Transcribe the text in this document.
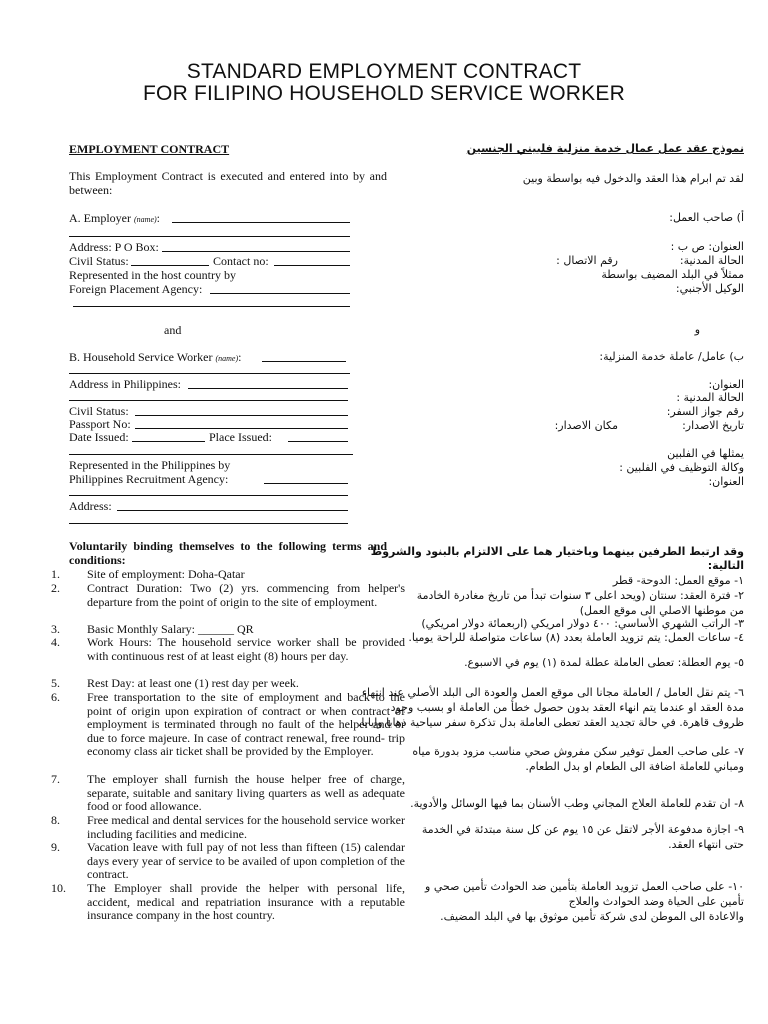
STANDARD EMPLOYMENT CONTRACT
FOR FILIPINO HOUSEHOLD SERVICE WORKER
EMPLOYMENT CONTRACT
This Employment Contract is executed and entered into by and between:
A. Employer (name):
Address: P O Box:
Civil Status:	Contact no:
Represented in the host country by
Foreign Placement Agency:
and
B. Household Service Worker (name):
Address in Philippines:
Civil Status:
Passport No:
Date Issued:	Place Issued:
Represented in the Philippines by
Philippines Recruitment Agency:
Address:
Voluntarily binding themselves to the following terms and conditions:
1. Site of employment: Doha-Qatar
2. Contract Duration: Two (2) yrs. commencing from helper's departure from the point of origin to the site of employment.
3. Basic Monthly Salary: ______ QR
4. Work Hours: The household service worker shall be provided with continuous rest of at least eight (8) hours per day.
5. Rest Day: at least one (1) rest day per week.
6. Free transportation to the site of employment and back to the point of origin upon expiration of contract or when contract of employment is terminated through no fault of the helper and or due to force majeure. In case of contract renewal, free round- trip economy class air ticket shall be provided by the Employer.
7. The employer shall furnish the house helper free of charge, separate, suitable and sanitary living quarters as well as adequate food or food allowance.
8. Free medical and dental services for the household service worker including facilities and medicine.
9. Vacation leave with full pay of not less than fifteen (15) calendar days every year of service to be availed of upon completion of the contract.
10. The Employer shall provide the helper with personal life, accident, medical and repatriation insurance with a reputable insurance company in the host country.
نموذج عقد عمل عمال خدمة منزلية فلبيني الجنسين
لقد تم ابرام هذا العقد والدخول فيه بواسطة وبين
أ) صاحب العمل:
العنوان: ص ب :
الحالة المدنية:
رقم الاتصال :
ممثلاً في البلد المضيف بواسطة
الوكيل الأجنبي:
و
ب) عامل/ عاملة خدمة المنزلية:
العنوان:
الحالة المدنية :
رقم جواز السفر:
تاريخ الاصدار:
مكان الاصدار:
يمثلها في الفلبين
وكالة التوظيف في الفلبين :
العنوان:
وقد ارتبط الطرفين بينهما وباختيار هما على الالتزام بالبنود والشروط
التالية:
١- موقع العمل: الدوحة- قطر
٢- فترة العقد: سنتان (ويحد اعلى ٣ سنوات تبدأ من تاريخ مغادرة الخادمة
من موطنها الاصلي الى موقع العمل)
٣- الراتب الشهري الأساسي: ٤٠٠ دولار امريكي (اربعمائة دولار امريكي)
٤- ساعات العمل: يتم تزويد العاملة بعدد (٨) ساعات متواصلة للراحة يوميا.
٥- يوم العطلة: تعطى العاملة عطلة لمدة (١) يوم في الاسبوع.
٦- يتم نقل العامل / العاملة مجانا الى موقع العمل والعودة الى البلد الأصلي عند انتهاء
مدة العقد او عندما يتم انهاء العقد بدون حصول خطأ من العاملة او بسبب وجود
ظروف قاهرة. في حالة تجديد العقد تعطى العاملة بدل تذكرة سفر سياحية ذهابا وايابا.
٧- على صاحب العمل توفير سكن مفروش صحي مناسب مزود بدورة مياه
ومباني للعاملة اضافة الى الطعام او بدل الطعام.
٨- ان تقدم للعاملة العلاج المجاني وطب الأسنان بما فيها الوسائل والأدوية.
٩- اجازة مدفوعة الأجر لاتقل عن ١٥ يوم عن كل سنة مبتدئة في الخدمة
حتى انتهاء العقد.
١٠- على صاحب العمل تزويد العاملة بتأمين ضد الحوادث تأمين صحي و
تأمين على الحياة وضد الحوادث والعلاج
والاعادة الى الموطن لدى شركة تأمين موثوق بها في البلد المضيف.
